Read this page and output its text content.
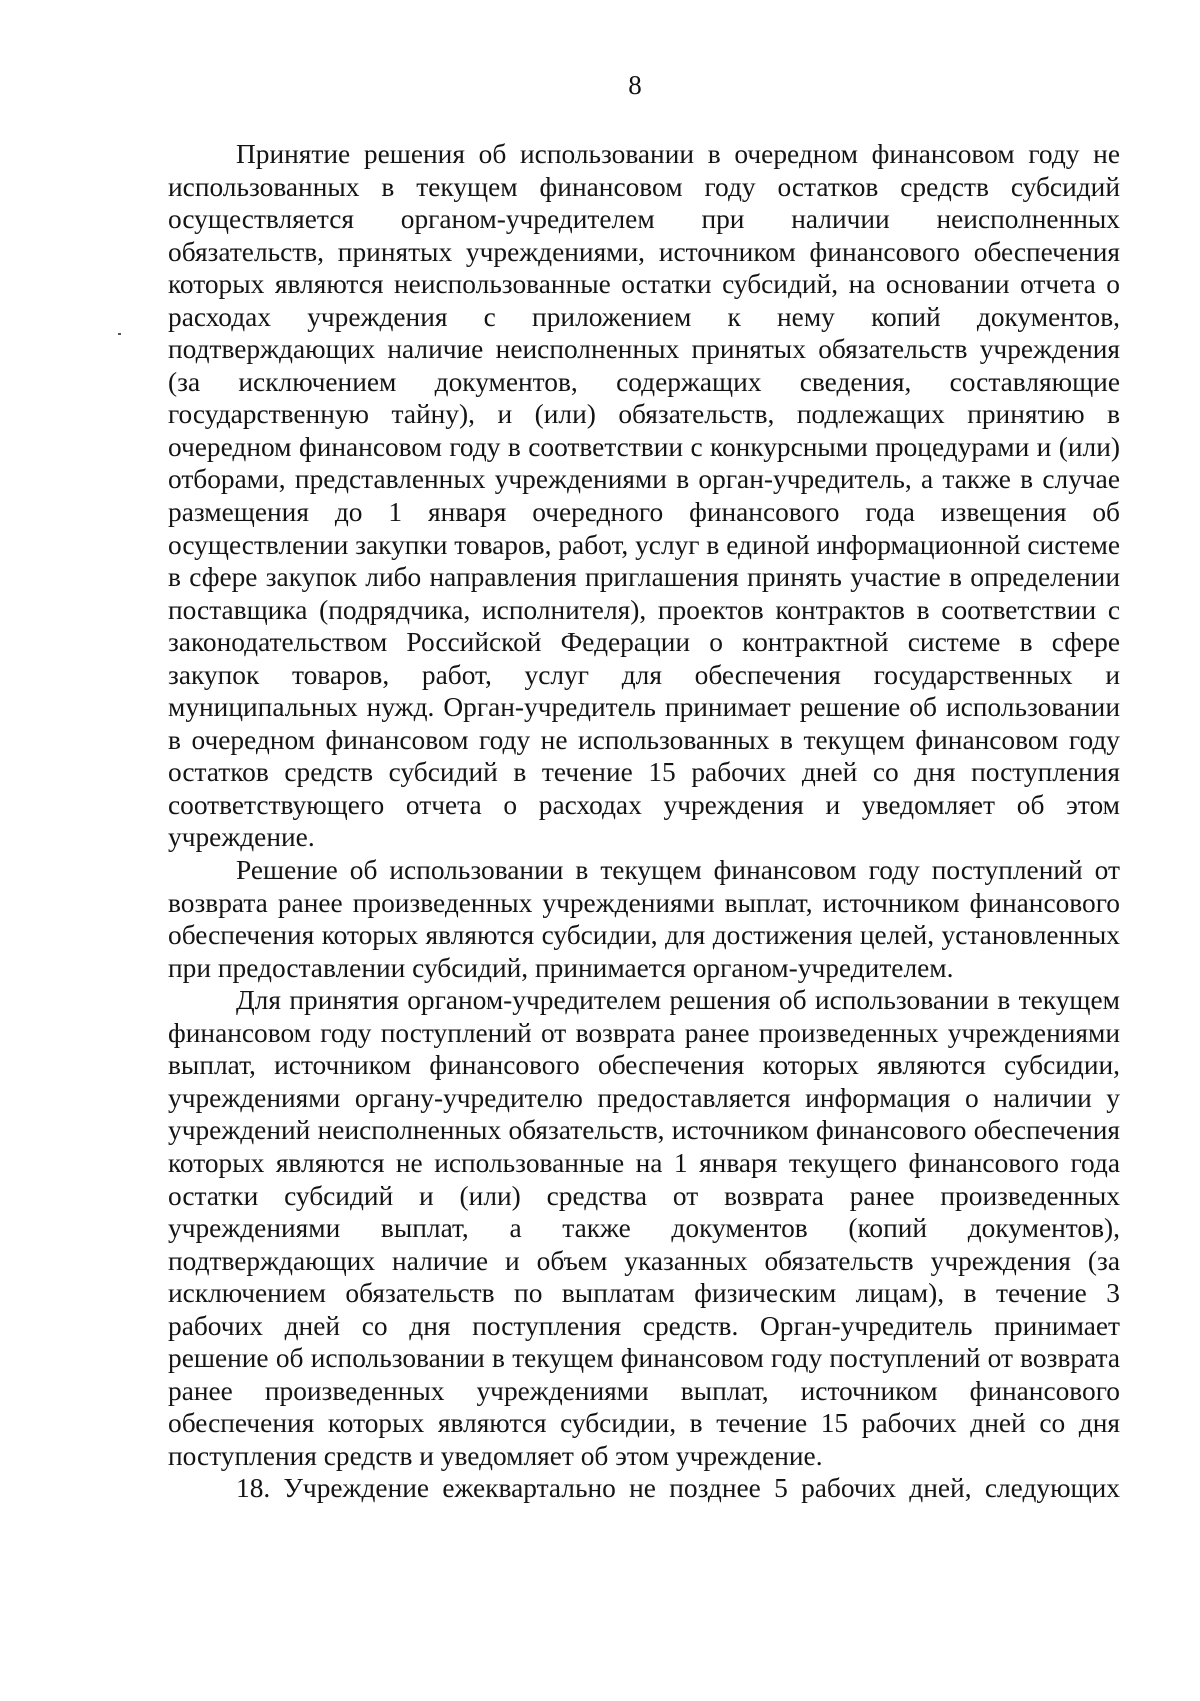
8

Принятие решения об использовании в очередном финансовом году не использованных в текущем финансовом году остатков средств субсидий осуществляется органом-учредителем при наличии неисполненных обязательств, принятых учреждениями, источником финансового обеспечения которых являются неиспользованные остатки субсидий, на основании отчета о расходах учреждения с приложением к нему копий документов, подтверждающих наличие неисполненных принятых обязательств учреждения (за исключением документов, содержащих сведения, составляющие государственную тайну), и (или) обязательств, подлежащих принятию в очередном финансовом году в соответствии с конкурсными процедурами и (или) отборами, представленных учреждениями в орган-учредитель, а также в случае размещения до 1 января очередного финансового года извещения об осуществлении закупки товаров, работ, услуг в единой информационной системе в сфере закупок либо направления приглашения принять участие в определении поставщика (подрядчика, исполнителя), проектов контрактов в соответствии с законодательством Российской Федерации о контрактной системе в сфере закупок товаров, работ, услуг для обеспечения государственных и муниципальных нужд. Орган-учредитель принимает решение об использовании в очередном финансовом году не использованных в текущем финансовом году остатков средств субсидий в течение 15 рабочих дней со дня поступления соответствующего отчета о расходах учреждения и уведомляет об этом учреждение.

Решение об использовании в текущем финансовом году поступлений от возврата ранее произведенных учреждениями выплат, источником финансового обеспечения которых являются субсидии, для достижения целей, установленных при предоставлении субсидий, принимается органом-учредителем.

Для принятия органом-учредителем решения об использовании в текущем финансовом году поступлений от возврата ранее произведенных учреждениями выплат, источником финансового обеспечения которых являются субсидии, учреждениями органу-учредителю предоставляется информация о наличии у учреждений неисполненных обязательств, источником финансового обеспечения которых являются не использованные на 1 января текущего финансового года остатки субсидий и (или) средства от возврата ранее произведенных учреждениями выплат, а также документов (копий документов), подтверждающих наличие и объем указанных обязательств учреждения (за исключением обязательств по выплатам физическим лицам), в течение 3 рабочих дней со дня поступления средств. Орган-учредитель принимает решение об использовании в текущем финансовом году поступлений от возврата ранее произведенных учреждениями выплат, источником финансового обеспечения которых являются субсидии, в течение 15 рабочих дней со дня поступления средств и уведомляет об этом учреждение.

18. Учреждение ежеквартально не позднее 5 рабочих дней, следующих
